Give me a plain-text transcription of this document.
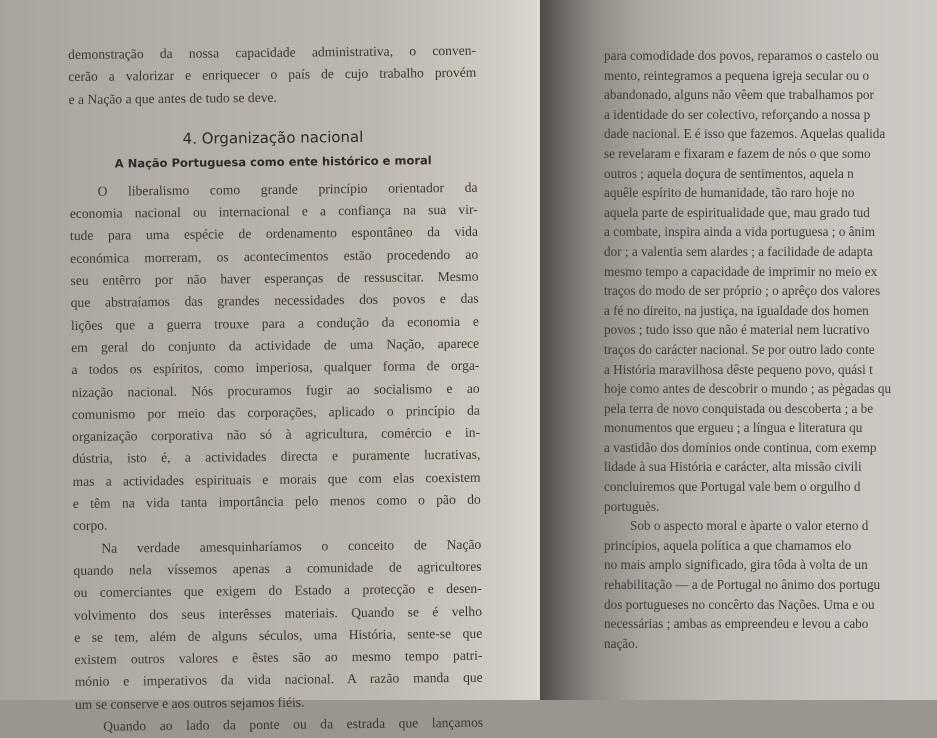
demonstração da nossa capacidade administrativa, o conven-
cerão a valorizar e enriquecer o país de cujo trabalho provém
e a Nação a que antes de tudo se deve.
4. Organização nacional
A Nação Portuguesa como ente histórico e moral
O liberalismo como grande princípio orientador da
economia nacional ou internacional e a confiança na sua vir-
tude para uma espécie de ordenamento espontâneo da vida
económica morreram, os acontecimentos estão procedendo ao
seu entêrro por não haver esperanças de ressuscitar. Mesmo
que abstraíamos das grandes necessidades dos povos e das
lições que a guerra trouxe para a condução da economia e
em geral do conjunto da actividade de uma Nação, aparece
a todos os espíritos, como imperiosa, qualquer forma de orga-
nização nacional. Nós procuramos fugir ao socialismo e ao
comunismo por meio das corporações, aplicado o princípio da
organização corporativa não só à agricultura, comércio e in-
dústria, isto é, a actividades directa e puramente lucrativas,
mas a actividades espirituais e morais que com elas coexistem
e têm na vida tanta importância pelo menos como o pão do
corpo.
Na verdade amesquinharíamos o conceito de Nação
quando nela víssemos apenas a comunidade de agricultores
ou comerciantes que exigem do Estado a protecção e desen-
volvimento dos seus interêsses materiais. Quando se é velho
e se tem, além de alguns séculos, uma História, sente-se que
existem outros valores e êstes são ao mesmo tempo patri-
mónio e imperativos da vida nacional. A razão manda que
um se conserve e aos outros sejamos fiéis.
Quando ao lado da ponte ou da estrada que lançamos
para comodidade dos povos, reparamos o castelo ou
mento, reintegramos a pequena igreja secular ou o
abandonado, alguns não vêem que trabalhamos por
a identidade do ser colectivo, reforçando a nossa p
dade nacional. E é isso que fazemos. Aquelas qualida
se revelaram e fixaram e fazem de nós o que somo
outros ; aquela doçura de sentimentos, aquela n
aquêle espírito de humanidade, tão raro hoje no
aquela parte de espiritualidade que, mau grado tud
a combate, inspira ainda a vida portuguesa ; o ânim
dor ; a valentia sem alardes ; a facilidade de adapta
mesmo tempo a capacidade de imprimir no meio ex
traços do modo de ser próprio ; o aprêço dos valores
a fé no direito, na justiça, na igualdade dos homen
povos ; tudo isso que não é material nem lucrativo
traços do carácter nacional. Se por outro lado conte
a História maravilhosa dêste pequeno povo, quási t
hoje como antes de descobrir o mundo ; as pègadas qu
pela terra de novo conquistada ou descoberta ; a be
monumentos que ergueu ; a língua e literatura qu
a vastidão dos domínios onde continua, com exemp
lidade à sua História e carácter, alta missão civili
concluiremos que Portugal vale bem o orgulho d
portuguès.
Sob o aspecto moral e àparte o valor eterno d
princípios, aquela política a que chamamos elo
no mais amplo significado, gira tôda à volta de un
rehabilitação — a de Portugal no ânimo dos portugu
dos portugueses no concêrto das Nações. Uma e ou
necessárias ; ambas as empreendeu e levou a cabo
nação.
